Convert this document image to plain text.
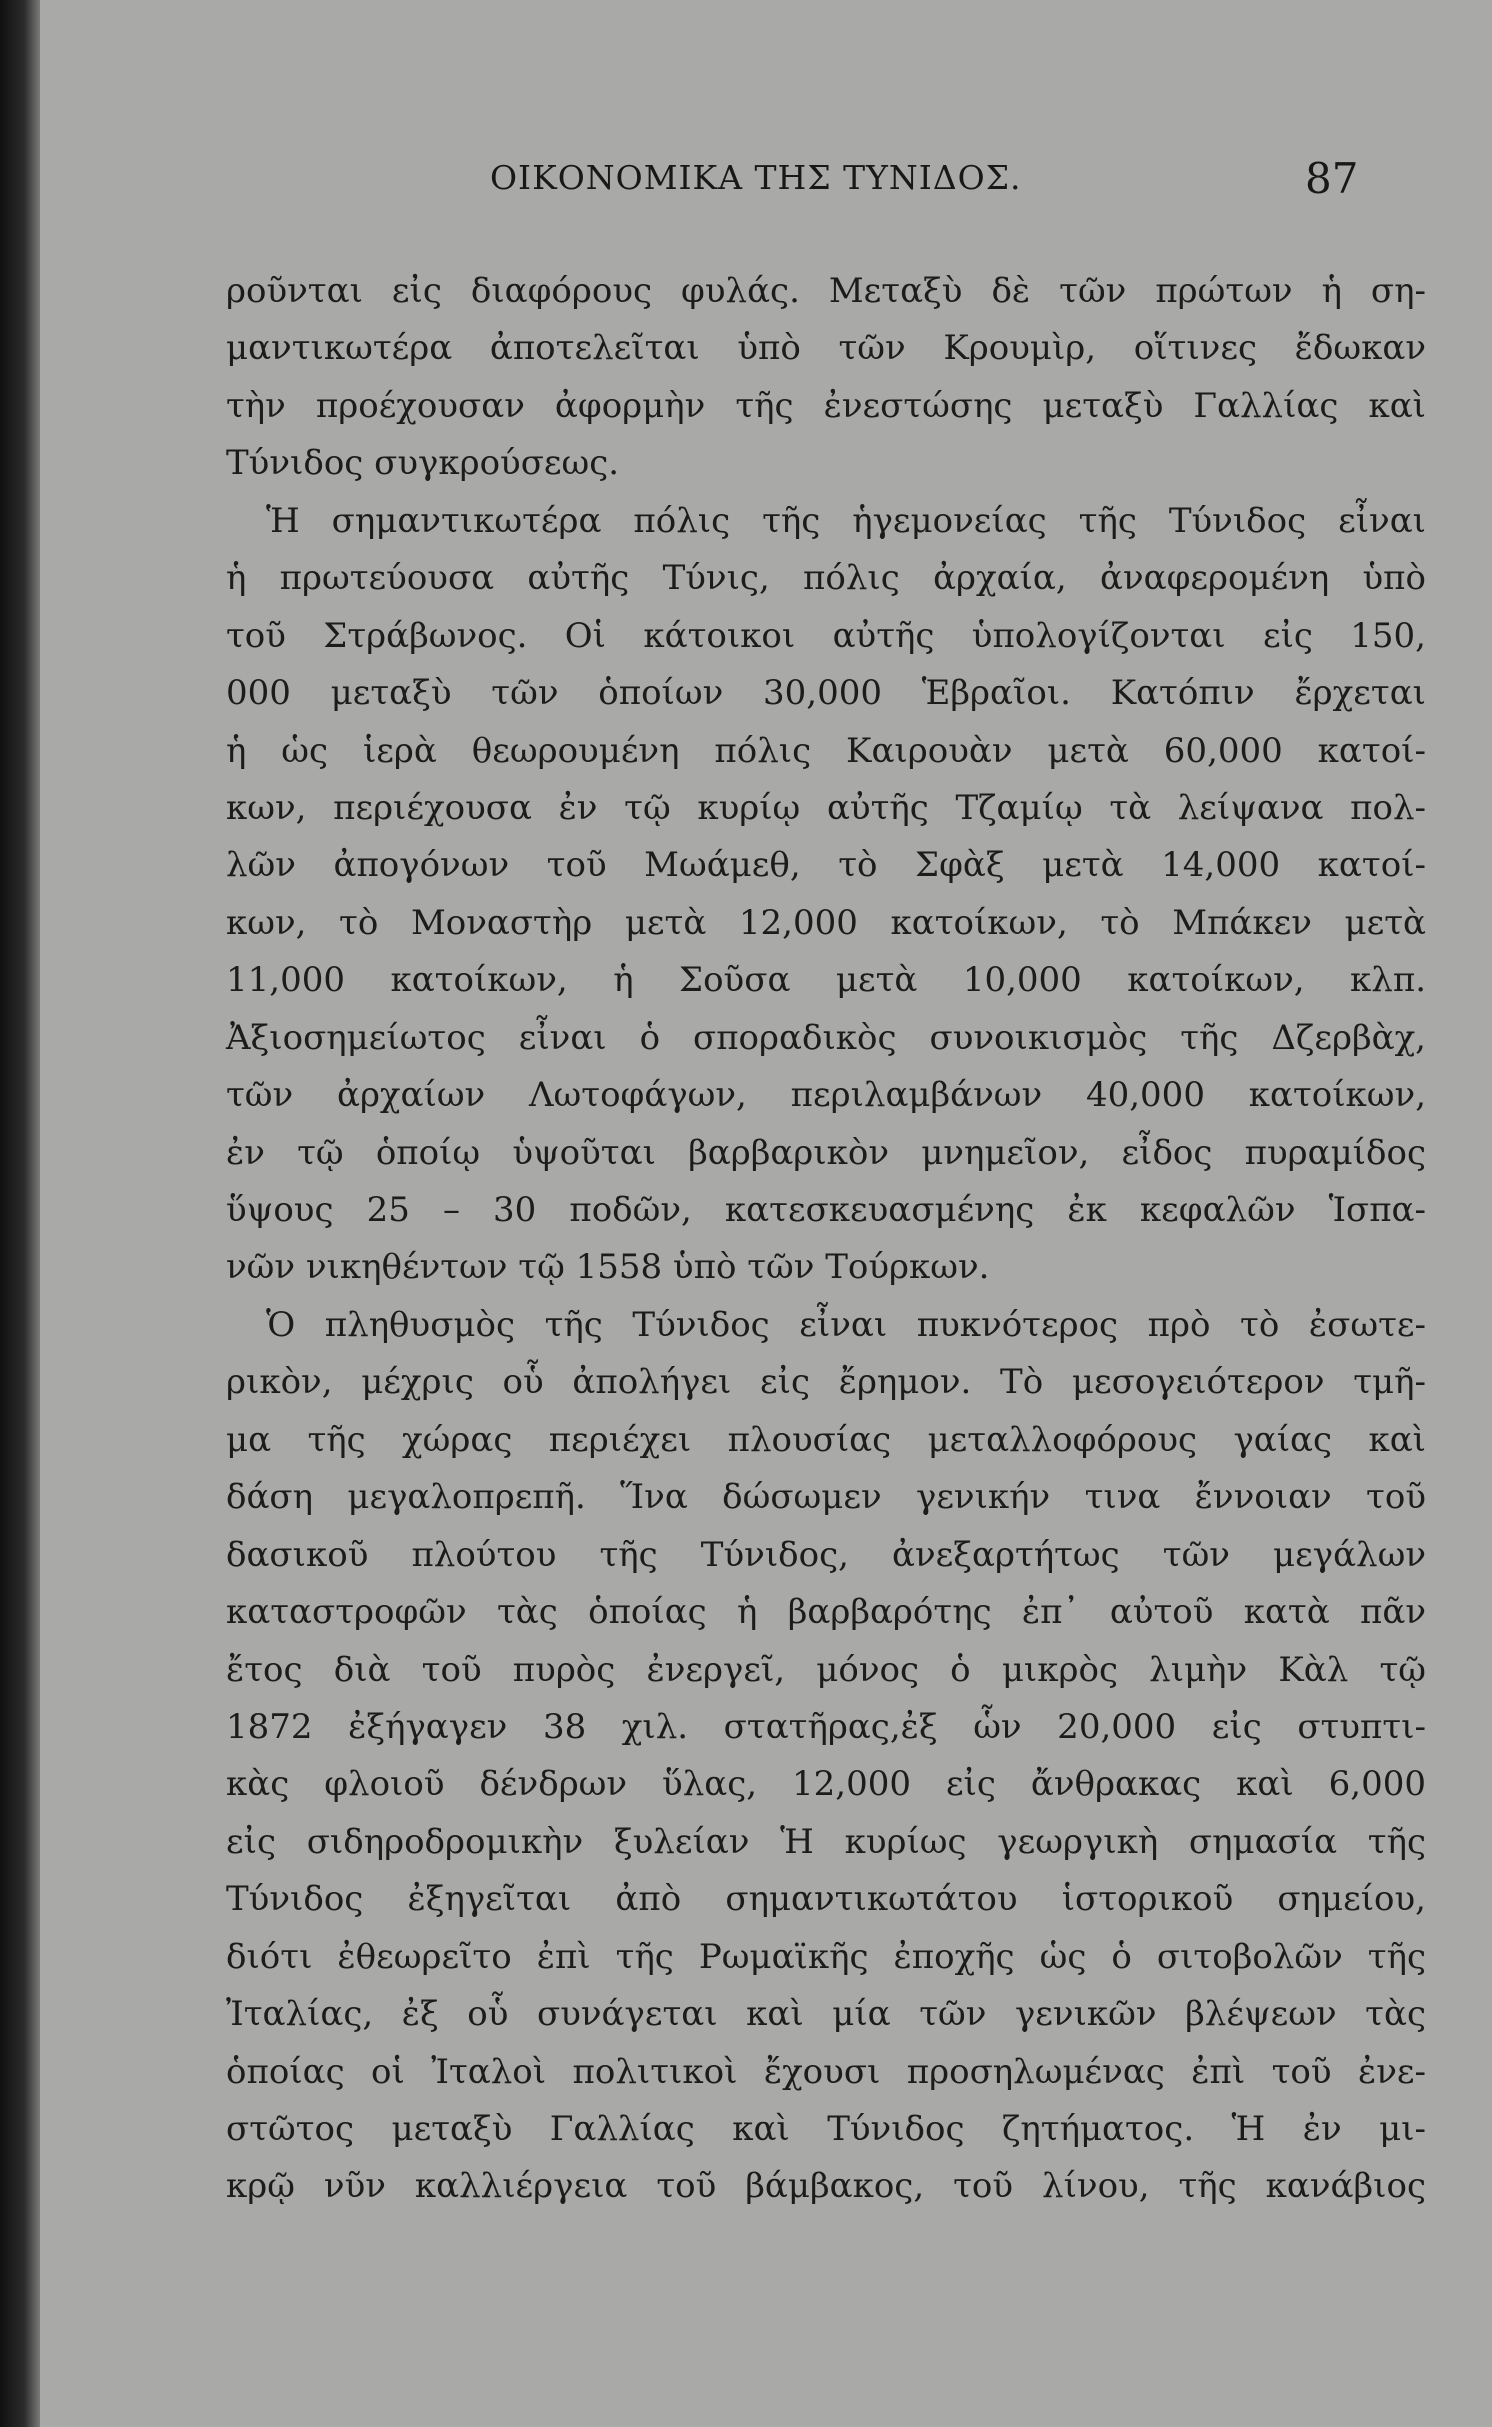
ΟΙΚΟΝΟΜΙΚΑ ΤΗΣ ΤΥΝΙΔΟΣ.	87
ροῦνται εἰς διαφόρους φυλάς. Μεταξὺ δὲ τῶν πρώτων ἡ ση-
μαντικωτέρα ἀποτελεῖται ὑπὸ τῶν Κρουμὶρ, οἵτινες ἔδωκαν
τὴν προέχουσαν ἀφορμὴν τῆς ἐνεστώσης μεταξὺ Γαλλίας καὶ
Τύνιδος συγκρούσεως.
Ἡ σημαντικωτέρα πόλις τῆς ἡγεμονείας τῆς Τύνιδος εἶναι
ἡ πρωτεύουσα αὐτῆς Τύνις, πόλις ἀρχαία, ἀναφερομένη ὑπὸ
τοῦ Στράβωνος. Οἱ κάτοικοι αὐτῆς ὑπολογίζονται εἰς 150,
000 μεταξὺ τῶν ὁποίων 30,000 Ἑβραῖοι. Κατόπιν ἔρχεται
ἡ ὡς ἱερὰ θεωρουμένη πόλις Καιρουὰν μετὰ 60,000 κατοί-
κων, περιέχουσα ἐν τῷ κυρίῳ αὐτῆς Τζαμίῳ τὰ λείψανα πολ-
λῶν ἀπογόνων τοῦ Μωάμεθ, τὸ Σφὰξ μετὰ 14,000 κατοί-
κων, τὸ Μοναστὴρ μετὰ 12,000 κατοίκων, τὸ Μπάκεν μετὰ
11,000 κατοίκων, ἡ Σοῦσα μετὰ 10,000 κατοίκων, κλπ.
Ἀξιοσημείωτος εἶναι ὁ σποραδικὸς συνοικισμὸς τῆς Δζερβὰχ,
τῶν ἀρχαίων Λωτοφάγων, περιλαμβάνων 40,000 κατοίκων,
ἐν τῷ ὁποίῳ ὑψοῦται βαρβαρικὸν μνημεῖον, εἶδος πυραμίδος
ὕψους 25 – 30 ποδῶν, κατεσκευασμένης ἐκ κεφαλῶν Ἱσπα-
νῶν νικηθέντων τῷ 1558 ὑπὸ τῶν Τούρκων.
Ὁ πληθυσμὸς τῆς Τύνιδος εἶναι πυκνότερος πρὸ τὸ ἐσωτε-
ρικὸν, μέχρις οὗ ἀπολήγει εἰς ἔρημον. Τὸ μεσογειότερον τμῆ-
μα τῆς χώρας περιέχει πλουσίας μεταλλοφόρους γαίας καὶ
δάση μεγαλοπρεπῆ. Ἵνα δώσωμεν γενικήν τινα ἔννοιαν τοῦ
δασικοῦ πλούτου τῆς Τύνιδος, ἀνεξαρτήτως τῶν μεγάλων
καταστροφῶν τὰς ὁποίας ἡ βαρβαρότης ἐπ᾽ αὐτοῦ κατὰ πᾶν
ἔτος διὰ τοῦ πυρὸς ἐνεργεῖ, μόνος ὁ μικρὸς λιμὴν Κὰλ τῷ
1872 ἐξήγαγεν 38 χιλ. στατῆρας,ἐξ ὧν 20,000 εἰς στυπτι-
κὰς φλοιοῦ δένδρων ὕλας, 12,000 εἰς ἄνθρακας καὶ 6,000
εἰς σιδηροδρομικὴν ξυλείαν Ἡ κυρίως γεωργικὴ σημασία τῆς
Τύνιδος ἐξηγεῖται ἀπὸ σημαντικωτάτου ἱστορικοῦ σημείου,
διότι ἐθεωρεῖτο ἐπὶ τῆς Ρωμαϊκῆς ἐποχῆς ὡς ὁ σιτοβολῶν τῆς
Ἰταλίας, ἐξ οὗ συνάγεται καὶ μία τῶν γενικῶν βλέψεων τὰς
ὁποίας οἱ Ἰταλοὶ πολιτικοὶ ἔχουσι προσηλωμένας ἐπὶ τοῦ ἐνε-
στῶτος μεταξὺ Γαλλίας καὶ Τύνιδος ζητήματος. Ἡ ἐν μι-
κρῷ νῦν καλλιέργεια τοῦ βάμβακος, τοῦ λίνου, τῆς κανάβιος
